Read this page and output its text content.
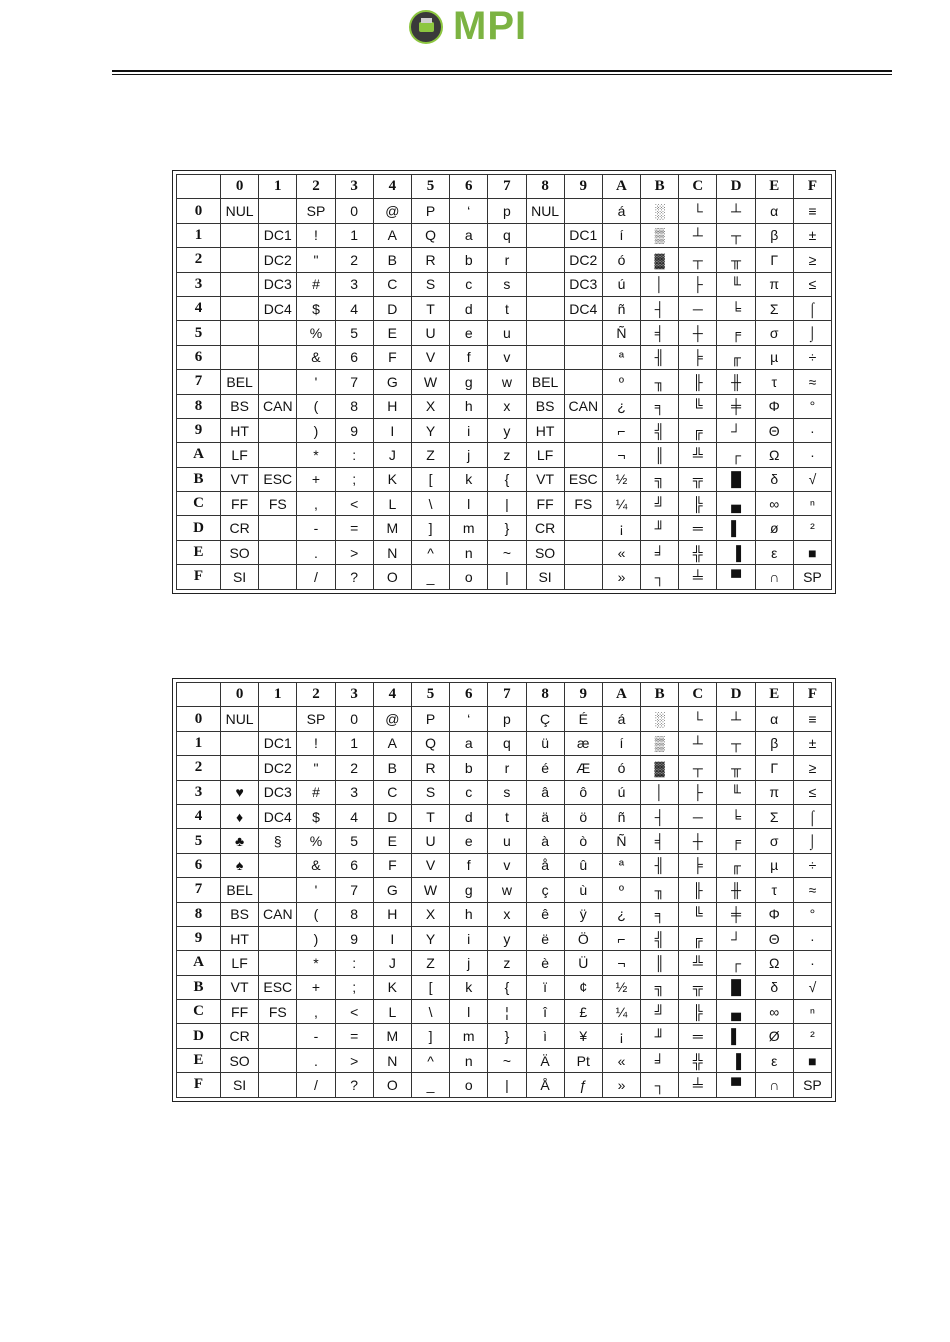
MPI
	0	1	2	3	4	5	6	7	8	9	A	B	C	D	E	F
0	NUL		SP	0	@	P	‘	p	NUL		á	░	└	┴	α	≡
1		DC1	!	1	A	Q	a	q		DC1	í	▒	┴	┬	β	±
2		DC2	"	2	B	R	b	r		DC2	ó	▓	┬	╥	Γ	≥
3		DC3	#	3	C	S	c	s		DC3	ú	│	├	╙	π	≤
4		DC4	$	4	D	T	d	t		DC4	ñ	┤	─	╘	Σ	⌠
5			%	5	E	U	e	u			Ñ	╡	┼	╒	σ	⌡
6			&	6	F	V	f	v			ª	╢	╞	╓	µ	÷
7	BEL		'	7	G	W	g	w	BEL		º	╖	╟	╫	τ	≈
8	BS	CAN	(	8	H	X	h	x	BS	CAN	¿	╕	╚	╪	Φ	°
9	HT		)	9	I	Y	i	y	HT		⌐	╣	╔	┘	Θ	∙
A	LF		*	:	J	Z	j	z	LF		¬	║	╩	┌	Ω	·
B	VT	ESC	+	;	K	[	k	{	VT	ESC	½	╗	╦	█	δ	√
C	FF	FS	,	<	L	\	l	|	FF	FS	¼	╝	╠	▄	∞	ⁿ
D	CR		-	=	M	]	m	}	CR		¡	╜	═	▌	ø	²
E	SO		.	>	N	^	n	~	SO		«	╛	╬	▐	ε	■
F	SI		/	?	O	_	o	|	SI		»	┐	╧	▀	∩	SP
	0	1	2	3	4	5	6	7	8	9	A	B	C	D	E	F
0	NUL		SP	0	@	P	‘	p	Ç	É	á	░	└	┴	α	≡
1		DC1	!	1	A	Q	a	q	ü	æ	í	▒	┴	┬	β	±
2		DC2	"	2	B	R	b	r	é	Æ	ó	▓	┬	╥	Γ	≥
3	♥	DC3	#	3	C	S	c	s	â	ô	ú	│	├	╙	π	≤
4	♦	DC4	$	4	D	T	d	t	ä	ö	ñ	┤	─	╘	Σ	⌠
5	♣	§	%	5	E	U	e	u	à	ò	Ñ	╡	┼	╒	σ	⌡
6	♠		&	6	F	V	f	v	å	û	ª	╢	╞	╓	µ	÷
7	BEL		'	7	G	W	g	w	ç	ù	º	╖	╟	╫	τ	≈
8	BS	CAN	(	8	H	X	h	x	ê	ÿ	¿	╕	╚	╪	Φ	°
9	HT		)	9	I	Y	i	y	ë	Ö	⌐	╣	╔	┘	Θ	∙
A	LF		*	:	J	Z	j	z	è	Ü	¬	║	╩	┌	Ω	·
B	VT	ESC	+	;	K	[	k	{	ï	¢	½	╗	╦	█	δ	√
C	FF	FS	,	<	L	\	l	¦	î	£	¼	╝	╠	▄	∞	ⁿ
D	CR		-	=	M	]	m	}	ì	¥	¡	╜	═	▌	Ø	²
E	SO		.	>	N	^	n	~	Ä	Pt	«	╛	╬	▐	ε	■
F	SI		/	?	O	_	o	|	Å	ƒ	»	┐	╧	▀	∩	SP
